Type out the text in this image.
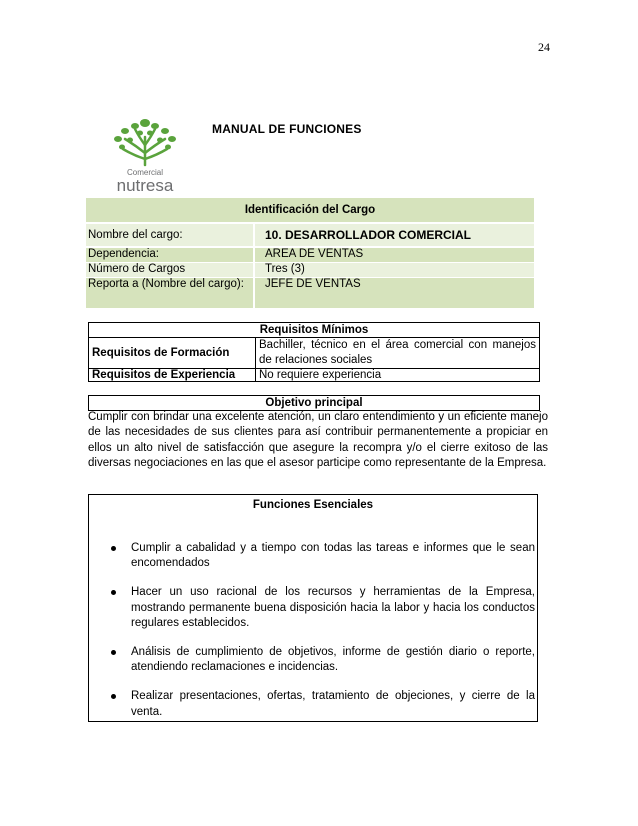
24
Comercial
nutresa
MANUAL DE FUNCIONES
Identificación del Cargo	
Nombre del cargo:	10. DESARROLLADOR COMERCIAL
Dependencia:	AREA DE VENTAS
Número de Cargos	Tres (3)
Reporta a (Nombre del cargo):	JEFE DE VENTAS
Requisitos Mínimos	
Requisitos de Formación	Bachiller, técnico en el área comercial con manejos de relaciones sociales
Requisitos de Experiencia	No requiere experiencia
Objetivo principal
Cumplir con brindar una excelente atención, un claro entendimiento y un eficiente manejo de las necesidades de sus clientes para así contribuir permanentemente a propiciar en ellos un alto nivel de satisfacción que asegure la recompra y/o el cierre exitoso de las diversas negociaciones en las que el asesor participe como representante de la Empresa.
Funciones Esenciales
Cumplir a cabalidad y a tiempo con todas las tareas e informes que le sean encomendados
Hacer un uso racional de los recursos y herramientas de la Empresa, mostrando permanente buena disposición hacia la labor y hacia los conductos regulares establecidos.
Análisis de cumplimiento de objetivos, informe de gestión diario o reporte, atendiendo reclamaciones e incidencias.
Realizar presentaciones, ofertas, tratamiento de objeciones, y cierre de la venta.
